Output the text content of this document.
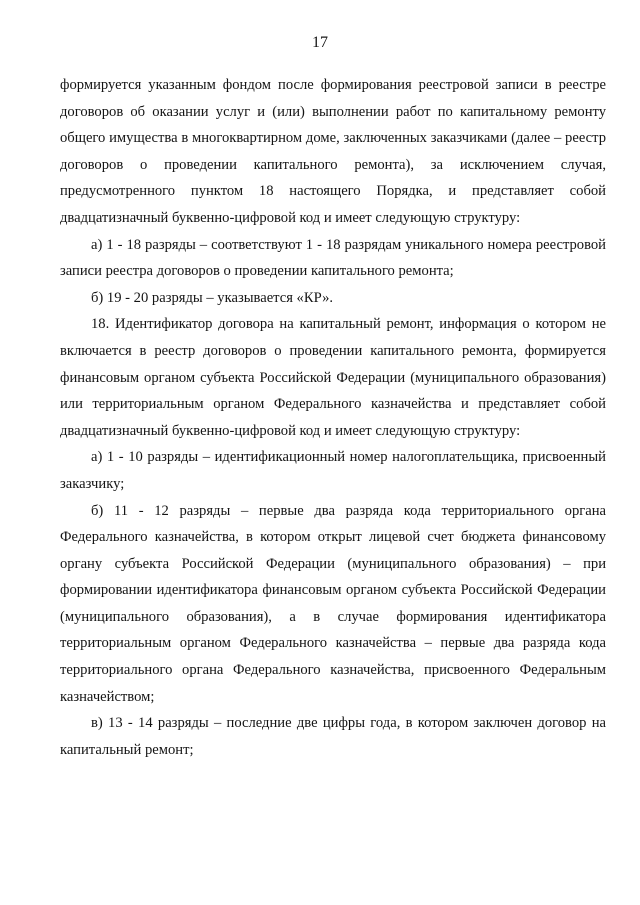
17

формируется указанным фондом после формирования реестровой записи в реестре договоров об оказании услуг и (или) выполнении работ по капитальному ремонту общего имущества в многоквартирном доме, заключенных заказчиками (далее – реестр договоров о проведении капитального ремонта), за исключением случая, предусмотренного пунктом 18 настоящего Порядка, и представляет собой двадцатизначный буквенно-цифровой код и имеет следующую структуру:

а) 1 - 18 разряды – соответствуют 1 - 18 разрядам уникального номера реестровой записи реестра договоров о проведении капитального ремонта;

б) 19 - 20 разряды – указывается «КР».

18. Идентификатор договора на капитальный ремонт, информация о котором не включается в реестр договоров о проведении капитального ремонта, формируется финансовым органом субъекта Российской Федерации (муниципального образования) или территориальным органом Федерального казначейства и представляет собой двадцатизначный буквенно-цифровой код и имеет следующую структуру:

а) 1 - 10 разряды – идентификационный номер налогоплательщика, присвоенный заказчику;

б) 11 - 12 разряды – первые два разряда кода территориального органа Федерального казначейства, в котором открыт лицевой счет бюджета финансовому органу субъекта Российской Федерации (муниципального образования) – при формировании идентификатора финансовым органом субъекта Российской Федерации (муниципального образования), а в случае формирования идентификатора территориальным органом Федерального казначейства – первые два разряда кода территориального органа Федерального казначейства, присвоенного Федеральным казначейством;

в) 13 - 14 разряды – последние две цифры года, в котором заключен договор на капитальный ремонт;
